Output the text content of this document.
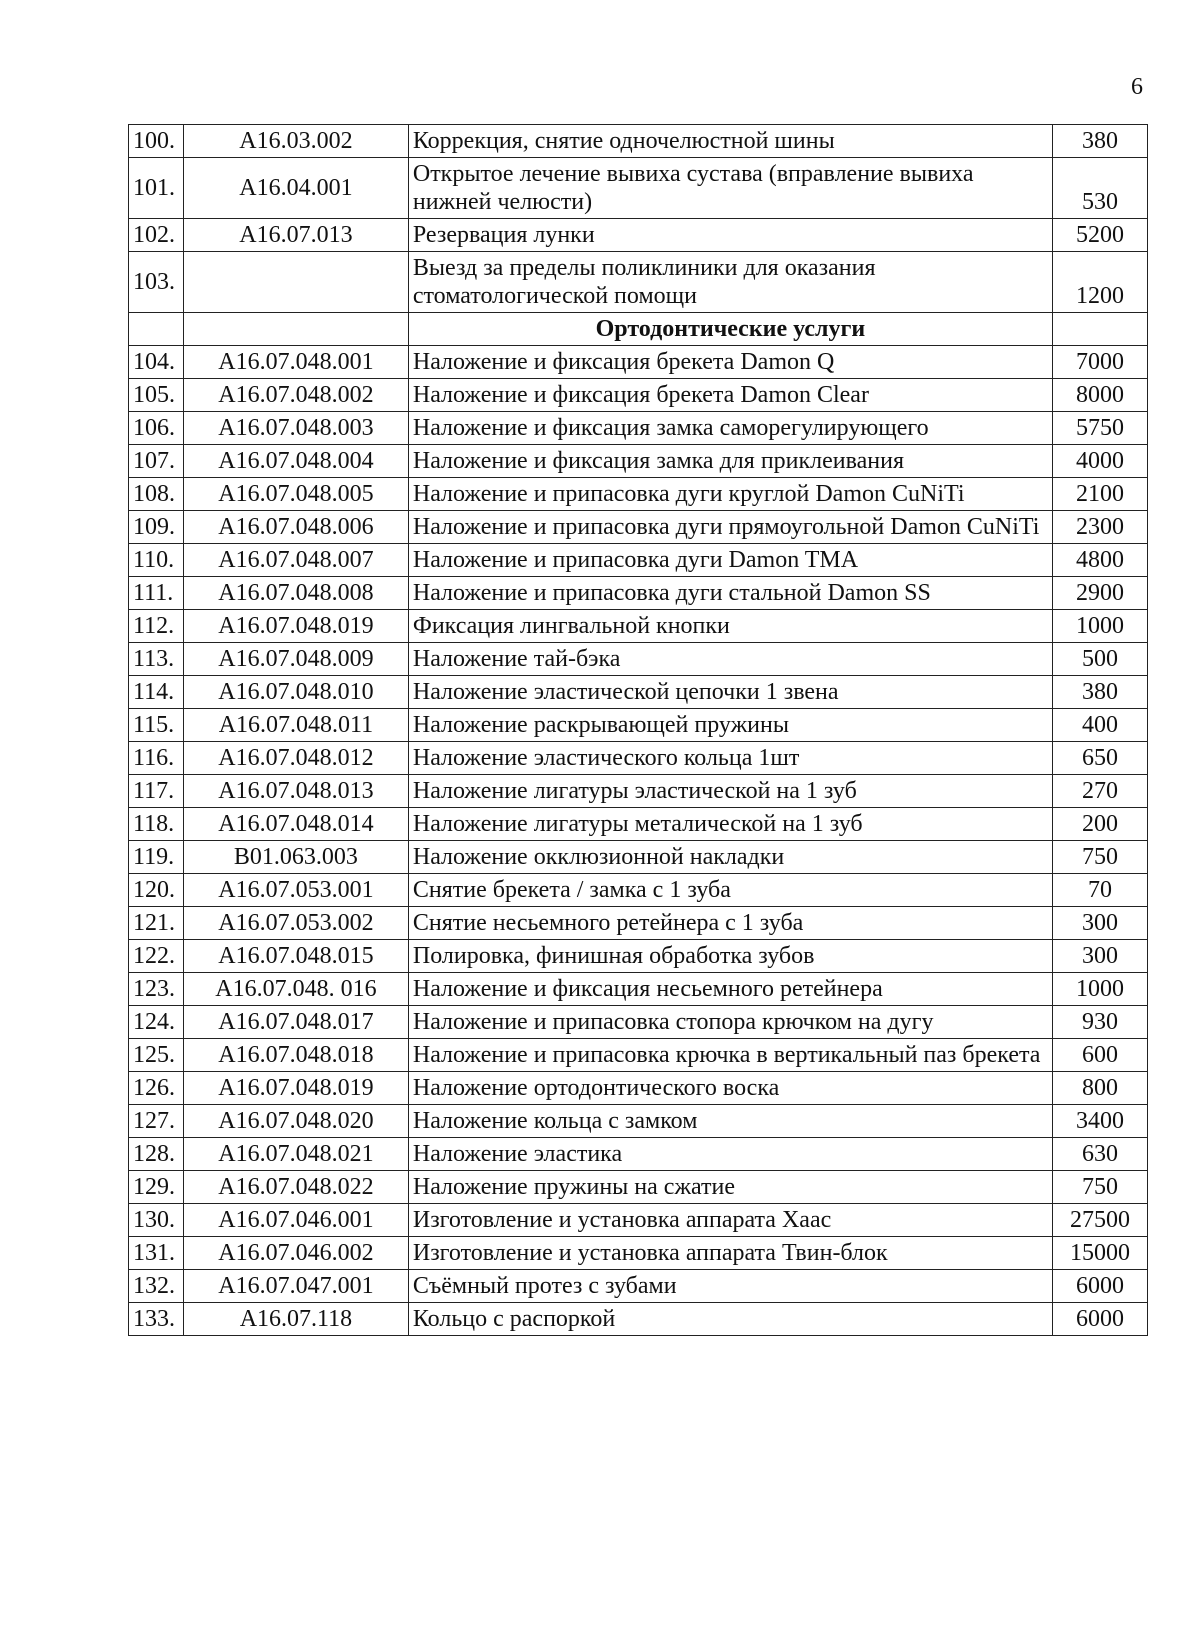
6
100.	A16.03.002	Коррекция, снятие одночелюстной шины	380
101.	A16.04.001	Открытое лечение вывиха сустава (вправление вывиха нижней челюсти)	530
102.	A16.07.013	Резервация лунки	5200
103.		Выезд за пределы поликлиники для оказания стоматологической помощи	1200
		Ортодонтические услуги	
104.	A16.07.048.001	Наложение и фиксация брекета Damon Q	7000
105.	A16.07.048.002	Наложение и фиксация брекета Damon Clear	8000
106.	A16.07.048.003	Наложение и фиксация замка саморегулирующего	5750
107.	A16.07.048.004	Наложение и фиксация замка для приклеивания	4000
108.	A16.07.048.005	Наложение и припасовка дуги круглой Damon CuNiTi	2100
109.	A16.07.048.006	Наложение и припасовка дуги прямоугольной Damon CuNiTi	2300
110.	A16.07.048.007	Наложение и припасовка дуги Damon TMA	4800
111.	A16.07.048.008	Наложение и припасовка дуги стальной Damon SS	2900
112.	A16.07.048.019	Фиксация лингвальной кнопки	1000
113.	A16.07.048.009	Наложение тай-бэка	500
114.	A16.07.048.010	Наложение эластической цепочки 1 звена	380
115.	A16.07.048.011	Наложение раскрывающей пружины	400
116.	A16.07.048.012	Наложение эластического кольца 1шт	650
117.	A16.07.048.013	Наложение лигатуры эластической на 1 зуб	270
118.	A16.07.048.014	Наложение лигатуры металической на 1 зуб	200
119.	B01.063.003	Наложение окклюзионной накладки	750
120.	A16.07.053.001	Снятие брекета / замка с 1 зуба	70
121.	A16.07.053.002	Снятие несьемного ретейнера с 1 зуба	300
122.	A16.07.048.015	Полировка, финишная обработка зубов	300
123.	A16.07.048. 016	Наложение и фиксация несьемного ретейнера	1000
124.	A16.07.048.017	Наложение и припасовка стопора крючком на дугу	930
125.	A16.07.048.018	Наложение и припасовка крючка в вертикальный паз брекета	600
126.	A16.07.048.019	Наложение ортодонтического воска	800
127.	A16.07.048.020	Наложение кольца с замком	3400
128.	A16.07.048.021	Наложение эластика	630
129.	A16.07.048.022	Наложение пружины на сжатие	750
130.	A16.07.046.001	Изготовление и установка аппарата Хаас	27500
131.	A16.07.046.002	Изготовление и установка аппарата Твин-блок	15000
132.	A16.07.047.001	Съёмный протез с зубами	6000
133.	A16.07.118	Кольцо с распоркой	6000
